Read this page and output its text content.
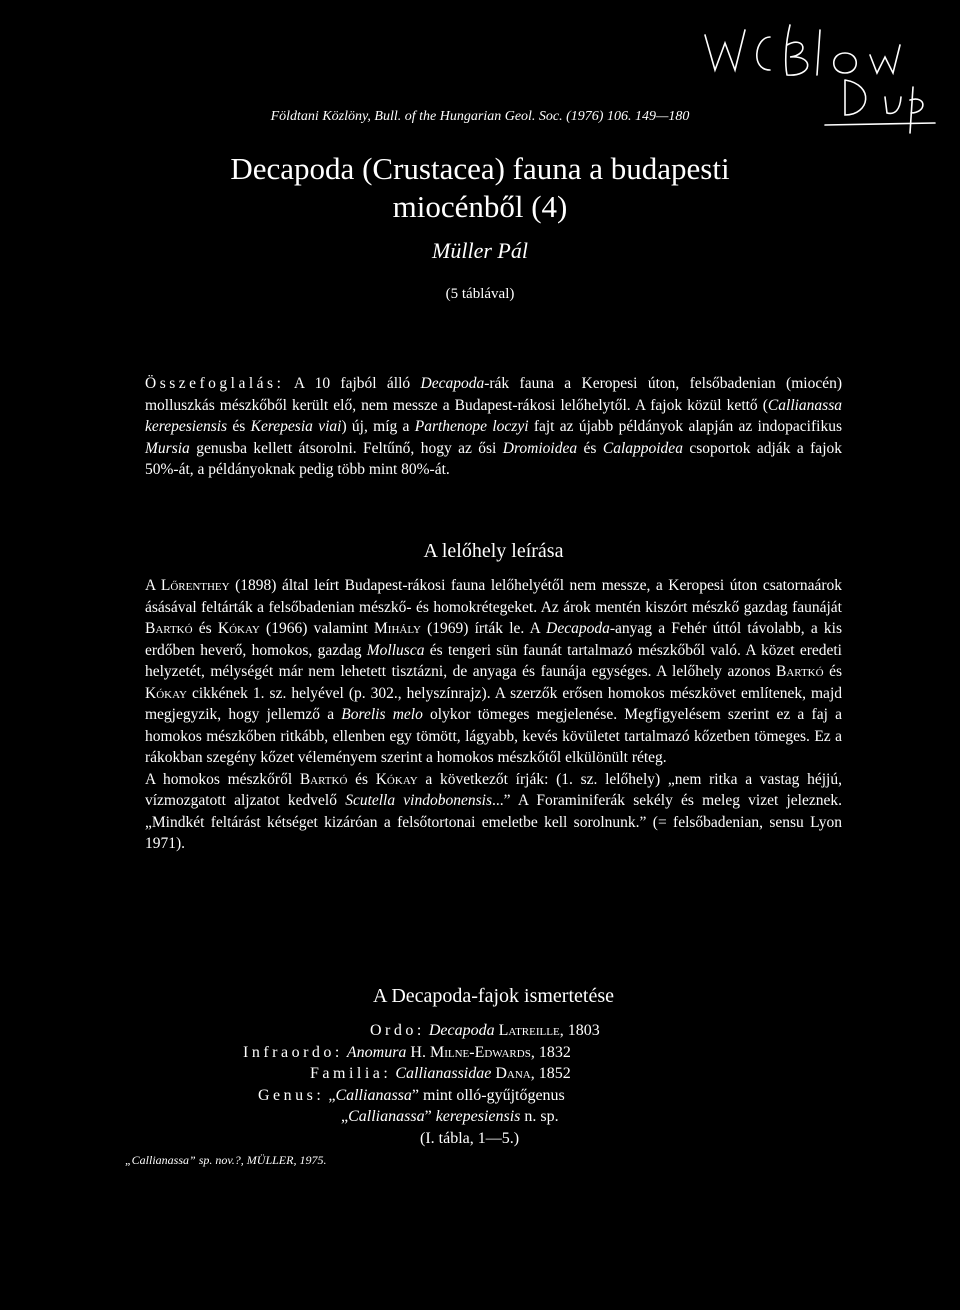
Földtani Közlöny, Bull. of the Hungarian Geol. Soc. (1976) 106. 149—180
Decapoda (Crustacea) fauna a budapesti
miocénből (4)
Müller Pál
(5 táblával)
Összefoglalás: A 10 fajból álló Decapoda-rák fauna a Keropesi úton, felsőbadenian (miocén) molluszkás mészkőből került elő, nem messze a Budapest-rákosi lelőhelytől. A fajok közül kettő (Callianassa kerepesiensis és Kerepesia viai) új, míg a Parthenope loczyi fajt az újabb példányok alapján az indopacifikus Mursia genusba kellett átsorolni. Feltűnő, hogy az ősi Dromioidea és Calappoidea csoportok adják a fajok 50%-át, a példányoknak pedig több mint 80%-át.
A lelőhely leírása

A Lőrenthey (1898) által leírt Budapest-rákosi fauna lelőhelyétől nem messze, a Keropesi úton csatornaárok ásásával feltárták a felsőbadenian mészkő- és homokrétegeket. Az árok mentén kiszórt mészkő gazdag faunáját Bartkó és Kókay (1966) valamint Mihály (1969) írták le. A Decapoda-anyag a Fehér úttól távolabb, a kis erdőben heverő, homokos, gazdag Mollusca és tengeri sün faunát tartalmazó mészkőből való. A közet eredeti helyzetét, mélységét már nem lehetett tisztázni, de anyaga és faunája egységes. A lelőhely azonos Bartkó és Kókay cikkének 1. sz. helyével (p. 302., helyszínrajz). A szerzők erősen homokos mészkövet említenek, majd megjegyzik, hogy jellemző a Borelis melo olykor tömeges megjelenése. Megfigyelésem szerint ez a faj a homokos mészkőben ritkább, ellenben egy tömött, lágyabb, kevés kövületet tartalmazó kőzetben tömeges. Ez a rákokban szegény kőzet véleményem szerint a homokos mészkőtől elkülönült réteg.

A homokos mészkőről Bartkó és Kókay a következőt írják: (1. sz. lelőhely) „nem ritka a vastag héjjú, vízmozgatott aljzatot kedvelő Scutella vindobonensis...” A Foraminiferák sekély és meleg vizet jeleznek. „Mindkét feltárást kétséget kizáróan a felsőtortonai emeletbe kell sorolnunk.” (= felsőbadenian, sensu Lyon 1971).

A Decapoda-fajok ismertetése
Ordo: Decapoda Latreille, 1803
Infraordo: Anomura H. Milne-Edwards, 1832
Familia: Callianassidae Dana, 1852
Genus: „Callianassa” mint olló-gyűjtőgenus
„Callianassa” kerepesiensis n. sp.
(I. tábla, 1—5.)
„Callianassa” sp. nov.?, MÜLLER, 1975.
